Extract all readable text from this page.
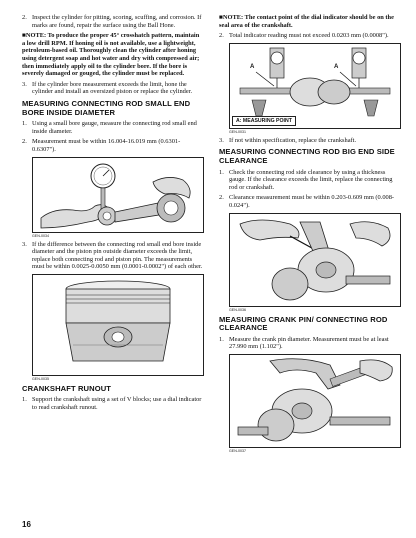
2. Inspect the cylinder for pitting, scoring, scuffing, and corrosion. If marks are found, repair the surface using the Ball Hone.
■NOTE: To produce the proper 45° crosshatch pattern, maintain a low drill RPM. If honing oil is not available, use a lightweight, petroleum-based oil. Thoroughly clean the cylinder after honing using detergent soap and hot water and dry with compressed air; then immediately apply oil to the cylinder bore. If the bore is severely damaged or gouged, the cylinder must be replaced.
3. If the cylinder bore measurement exceeds the limit, hone the cylinder and install an oversized piston or replace the cylinder.
MEASURING CONNECTING ROD SMALL END BORE INSIDE DIAMETER
1. Using a small bore gauge, measure the connecting rod small end inside diameter.
2. Measurement must be within 16.004-16.019 mm (0.6301-0.6307").
GEN-0034
3. If the difference between the connecting rod small end bore inside diameter and the piston pin outside diameter exceeds the limit, replace both connecting rod and piston pin. The measurements must be within 0.0025-0.0050 mm (0.0001-0.0002") of each other.
GEN-0035
CRANKSHAFT RUNOUT
1. Support the crankshaft using a set of V blocks; use a dial indicator to read crankshaft runout.
■NOTE: The contact point of the dial indicator should be on the seal area of the crankshaft.
2. Total indicator reading must not exceed 0.0203 mm (0.0008").
A	A
A: MEASURING POINT
GEN-0031
3. If not within specification, replace the crankshaft.
MEASURING CONNECTING ROD BIG END SIDE CLEARANCE
1. Check the connecting rod side clearance by using a thickness gauge. If the clearance exceeds the limit, replace the connecting rod or crankshaft.
2. Clearance measurement must be within 0.203-0.609 mm (0.008-0.024").
GEN-0036
MEASURING CRANK PIN/ CONNECTING ROD CLEARANCE
1. Measure the crank pin diameter. Measurement must be at least 27.990 mm (1.102").
GEN-0037
16
